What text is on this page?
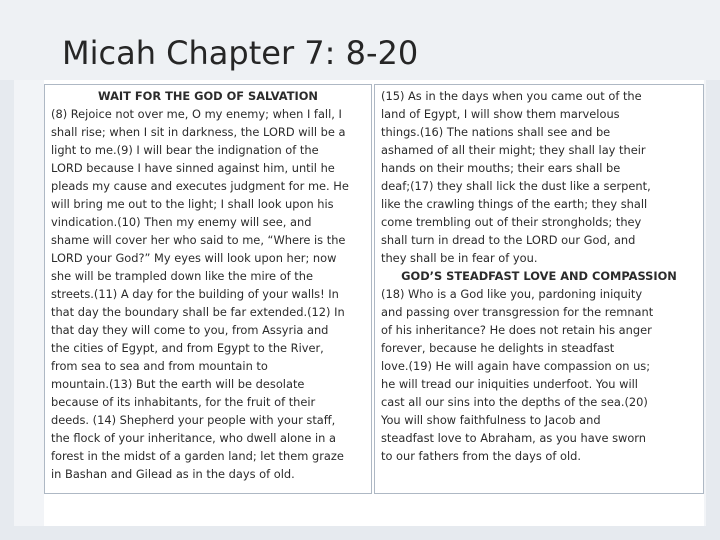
Micah Chapter 7: 8-20

WAIT FOR THE GOD OF SALVATION

(8) Rejoice not over me, O my enemy; when I fall, I

shall rise; when I sit in darkness, the LORD will be a

light to me.(9) I will bear the indignation of the

LORD because I have sinned against him, until he

pleads my cause and executes judgment for me. He

will bring me out to the light; I shall look upon his

vindication.(10) Then my enemy will see, and

shame will cover her who said to me, “Where is the

LORD your God?” My eyes will look upon her; now

she will be trampled down like the mire of the

streets.(11) A day for the building of your walls! In

that day the boundary shall be far extended.(12) In

that day they will come to you, from Assyria and

the cities of Egypt, and from Egypt to the River,

from sea to sea and from mountain to

mountain.(13) But the earth will be desolate

because of its inhabitants, for the fruit of their

deeds. (14) Shepherd your people with your staff,

the flock of your inheritance, who dwell alone in a

forest in the midst of a garden land; let them graze

in Bashan and Gilead as in the days of old.

(15) As in the days when you came out of the

land of Egypt, I will show them marvelous

things.(16) The nations shall see and be

ashamed of all their might; they shall lay their

hands on their mouths; their ears shall be

deaf;(17) they shall lick the dust like a serpent,

like the crawling things of the earth; they shall

come trembling out of their strongholds; they

shall turn in dread to the LORD our God, and

they shall be in fear of you.

GOD’S STEADFAST LOVE AND COMPASSION

(18) Who is a God like you, pardoning iniquity

and passing over transgression for the remnant

of his inheritance? He does not retain his anger

forever, because he delights in steadfast

love.(19) He will again have compassion on us;

he will tread our iniquities underfoot. You will

cast all our sins into the depths of the sea.(20)

You will show faithfulness to Jacob and

steadfast love to Abraham, as you have sworn

to our fathers from the days of old.
